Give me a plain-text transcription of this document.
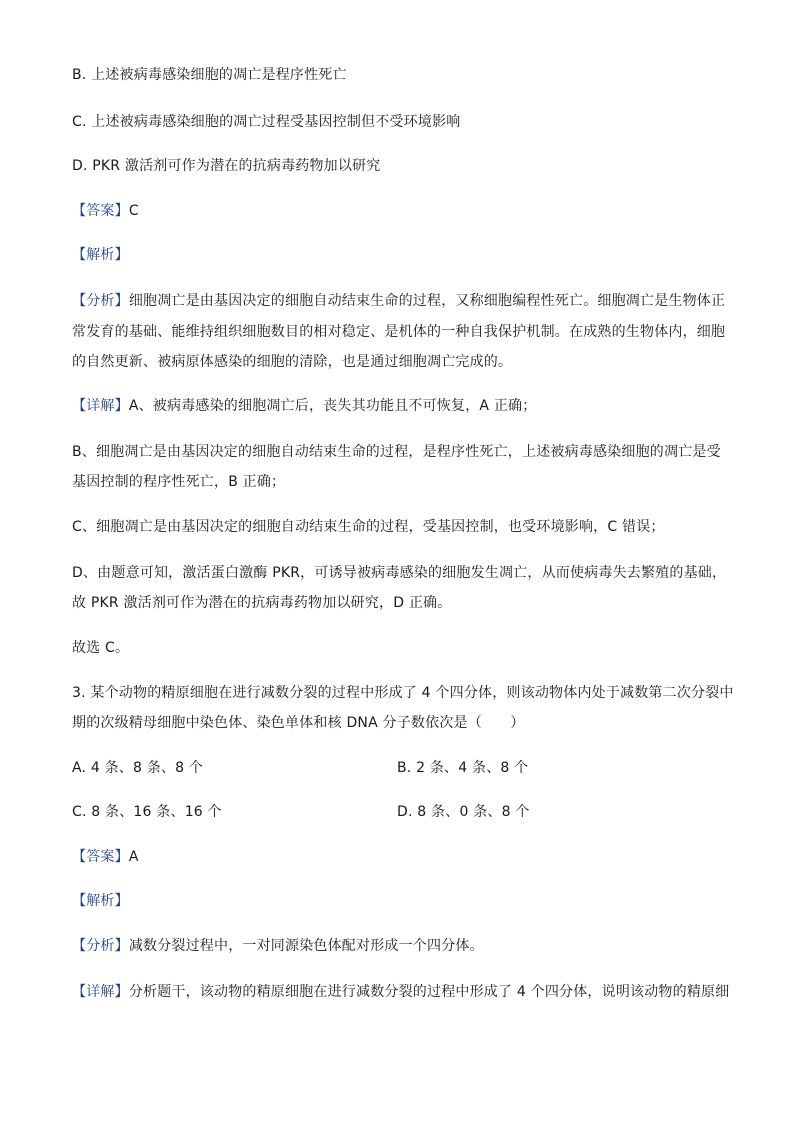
B. 上述被病毒感染细胞的凋亡是程序性死亡
C. 上述被病毒感染细胞的凋亡过程受基因控制但不受环境影响
D. PKR 激活剂可作为潜在的抗病毒药物加以研究
【答案】C
【解析】
【分析】细胞凋亡是由基因决定的细胞自动结束生命的过程，又称细胞编程性死亡。细胞凋亡是生物体正
常发育的基础、能维持组织细胞数目的相对稳定、是机体的一种自我保护机制。在成熟的生物体内，细胞
的自然更新、被病原体感染的细胞的清除，也是通过细胞凋亡完成的。
【详解】A、被病毒感染的细胞凋亡后，丧失其功能且不可恢复，A 正确；
B、细胞凋亡是由基因决定的细胞自动结束生命的过程，是程序性死亡，上述被病毒感染细胞的凋亡是受
基因控制的程序性死亡，B 正确；
C、细胞凋亡是由基因决定的细胞自动结束生命的过程，受基因控制，也受环境影响，C 错误；
D、由题意可知，激活蛋白激酶 PKR，可诱导被病毒感染的细胞发生凋亡，从而使病毒失去繁殖的基础，
故 PKR 激活剂可作为潜在的抗病毒药物加以研究，D 正确。
故选 C。
3. 某个动物的精原细胞在进行减数分裂的过程中形成了 4 个四分体，则该动物体内处于减数第二次分裂中
期的次级精母细胞中染色体、染色单体和核 DNA 分子数依次是（　　）
A. 4 条、8 条、8 个	B. 2 条、4 条、8 个
C. 8 条、16 条、16 个	D. 8 条、0 条、8 个
【答案】A
【解析】
【分析】减数分裂过程中，一对同源染色体配对形成一个四分体。
【详解】分析题干，该动物的精原细胞在进行减数分裂的过程中形成了 4 个四分体，说明该动物的精原细
